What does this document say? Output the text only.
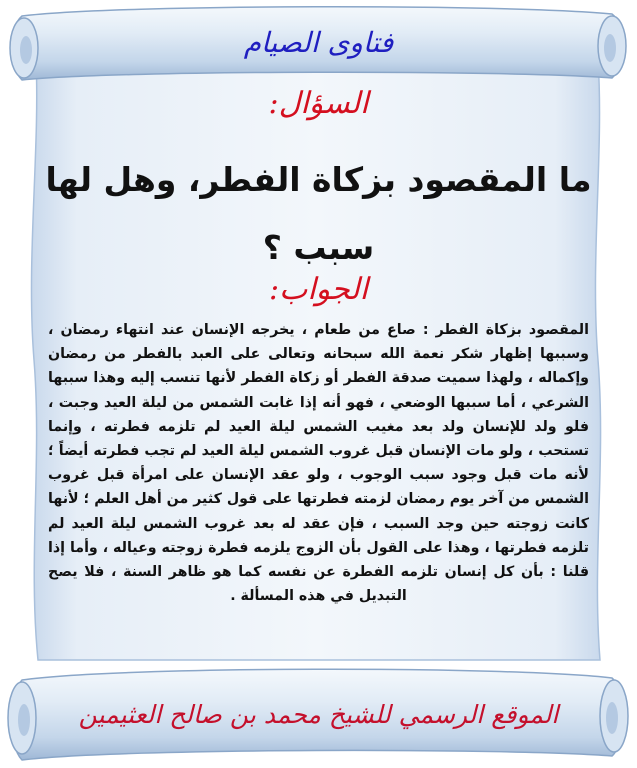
فتاوى الصيام
السؤال:
ما المقصود بزكاة الفطر، وهل لها سبب ؟
الجواب:
المقصود بزكاة الفطر : صاع من طعام ، يخرجه الإنسان عند انتهاء رمضان ، وسببها إظهار شكر نعمة الله سبحانه وتعالى على العبد بالفطر من رمضان وإكماله ، ولهذا سميت صدقة الفطر أو زكاة الفطر لأنها تنسب إليه وهذا سببها الشرعي ، أما سببها الوضعي ، فهو أنه إذا غابت الشمس من ليلة العيد وجبت ، فلو ولد للإنسان ولد بعد مغيب الشمس ليلة العيد لم تلزمه فطرته ، وإنما تستحب ، ولو مات الإنسان قبل غروب الشمس ليلة العيد لم تجب فطرته أيضاً ؛ لأنه مات قبل وجود سبب الوجوب ، ولو عقد الإنسان على امرأة قبل غروب الشمس من آخر يوم رمضان لزمته فطرتها على قول كثير من أهل العلم ؛ لأنها كانت زوجته حين وجد السبب ، فإن عقد له بعد غروب الشمس ليلة العيد لم تلزمه فطرتها ، وهذا على القول بأن الزوج يلزمه فطرة زوجته وعياله ، وأما إذا قلنا : بأن كل إنسان تلزمه الفطرة عن نفسه كما هو ظاهر السنة ، فلا يصح التبديل في هذه المسألة .
الموقع الرسمي للشيخ محمد بن صالح العثيمين
